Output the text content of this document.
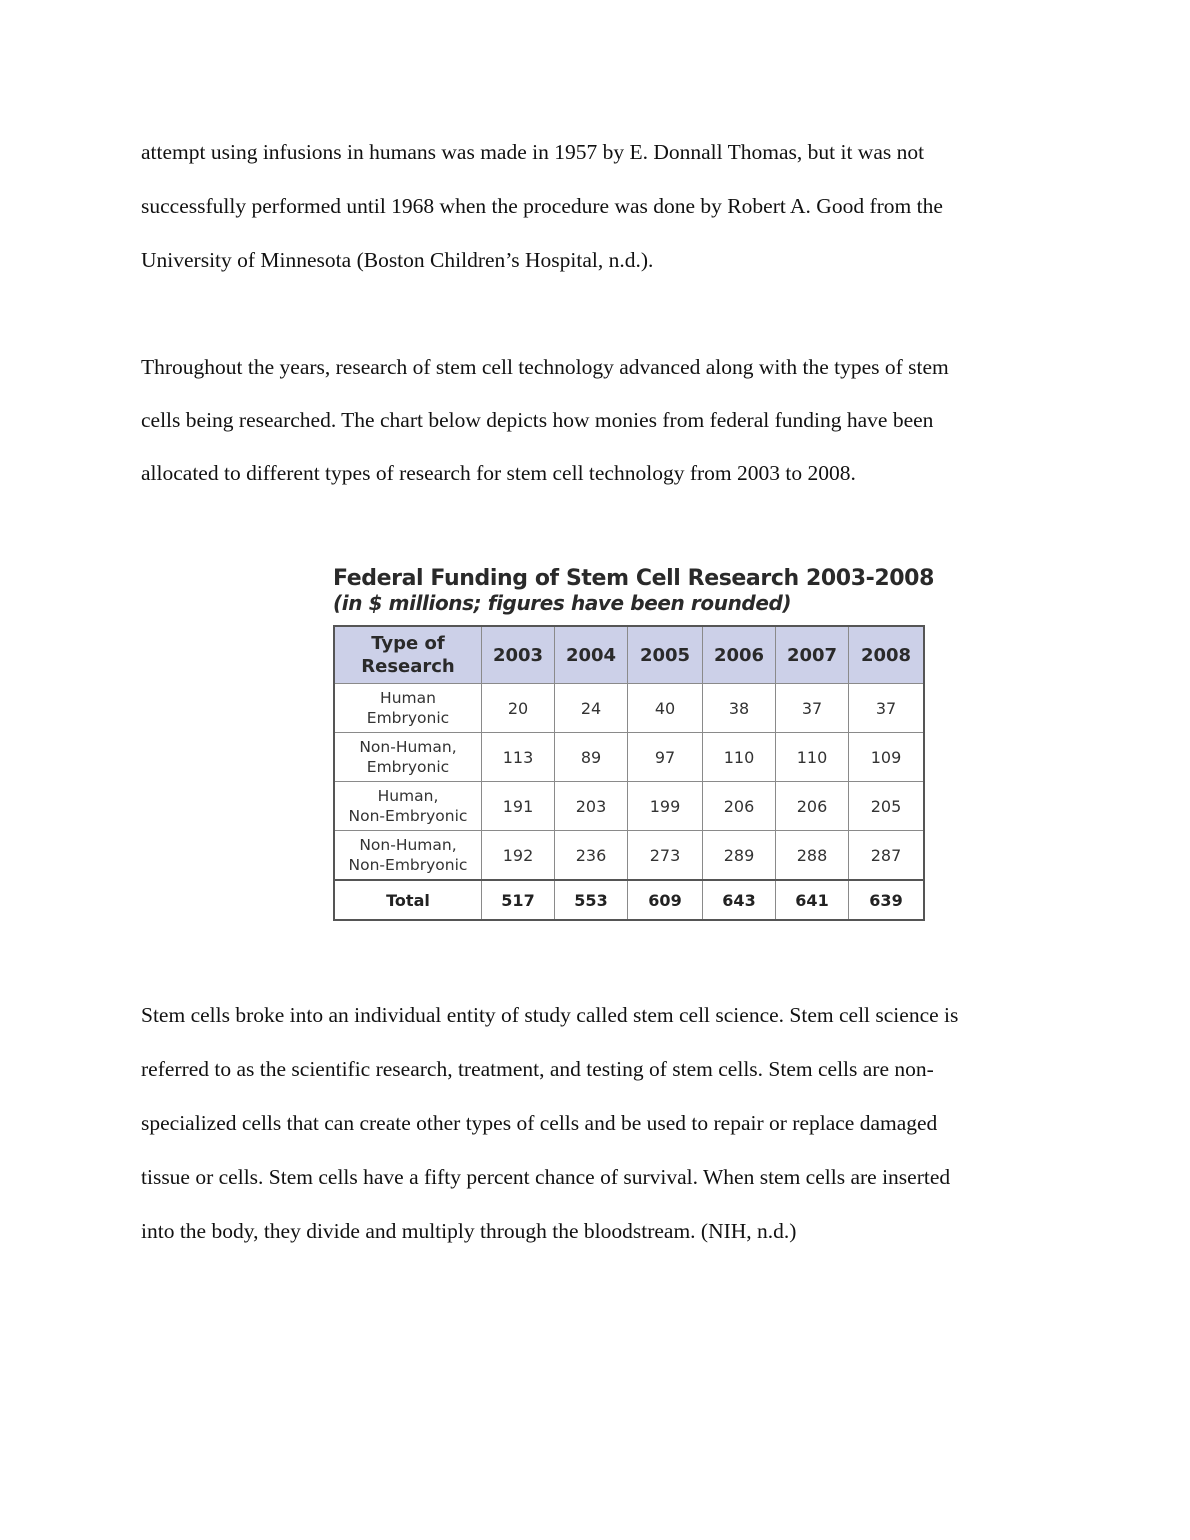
attempt using infusions in humans was made in 1957 by E. Donnall Thomas, but it was not
successfully performed until 1968 when the procedure was done by Robert A. Good from the
University of Minnesota (Boston Children’s Hospital, n.d.).
Throughout the years, research of stem cell technology advanced along with the types of stem
cells being researched. The chart below depicts how monies from federal funding have been
allocated to different types of research for stem cell technology from 2003 to 2008.
Federal Funding of Stem Cell Research 2003-2008
(in $ millions; figures have been rounded)
Type of
Research	2003	2004	2005	2006	2007	2008
Human
Embryonic	20	24	40	38	37	37
Non-Human,
Embryonic	113	89	97	110	110	109
Human,
Non-Embryonic	191	203	199	206	206	205
Non-Human,
Non-Embryonic	192	236	273	289	288	287
Total	517	553	609	643	641	639
Stem cells broke into an individual entity of study called stem cell science. Stem cell science is
referred to as the scientific research, treatment, and testing of stem cells. Stem cells are non-
specialized cells that can create other types of cells and be used to repair or replace damaged
tissue or cells. Stem cells have a fifty percent chance of survival. When stem cells are inserted
into the body, they divide and multiply through the bloodstream. (NIH, n.d.)
